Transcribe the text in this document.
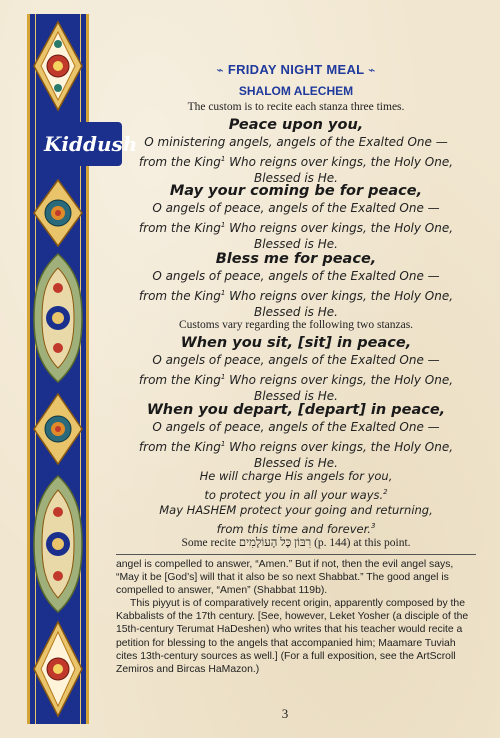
Kiddush
⌁ FRIDAY NIGHT MEAL ⌁
SHALOM ALECHEM
The custom is to recite each stanza three times.
Peace upon you,
O ministering angels, angels of the Exalted One —
from the King$^1$ Who reigns over kings, the Holy One,
Blessed is He.
May your coming be for peace,
O angels of peace, angels of the Exalted One —
from the King$^1$ Who reigns over kings, the Holy One,
Blessed is He.
Bless me for peace,
O angels of peace, angels of the Exalted One —
from the King$^1$ Who reigns over kings, the Holy One,
Blessed is He.
Customs vary regarding the following two stanzas.
When you sit, [sit] in peace,
O angels of peace, angels of the Exalted One —
from the King$^1$ Who reigns over kings, the Holy One,
Blessed is He.
When you depart, [depart] in peace,
O angels of peace, angels of the Exalted One —
from the King$^1$ Who reigns over kings, the Holy One,
Blessed is He.
He will charge His angels for you,
to protect you in all your ways.$^2$
May HASHEM protect your going and returning,
from this time and forever.$^3$
Some recite רִבּוֹן כָּל הָעוֹלָמִים (p. 144) at this point.

angel is compelled to answer, “Amen.” But if not, then the evil angel says, “May it be [God’s] will that it also be so next Shabbat.” The good angel is compelled to answer, “Amen” (Shabbat 119b).

This piyyut is of comparatively recent origin, apparently composed by the Kabbalists of the 17th century. [See, however, Leket Yosher (a disciple of the 15th-century Terumat HaDeshen) who writes that his teacher would recite a petition for blessing to the angels that accompanied him; Maamare Tuviah cites 13th-century sources as well.] (For a full exposition, see the ArtScroll Zemiros and Bircas HaMazon.)

3
